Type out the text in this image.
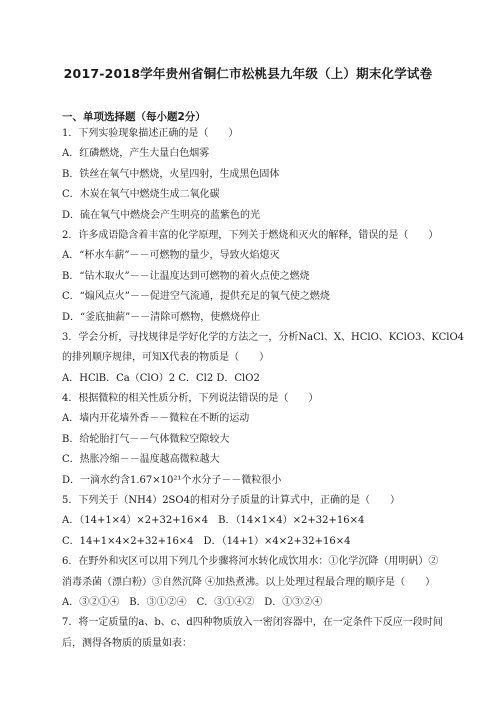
2017-2018学年贵州省铜仁市松桃县九年级（上）期末化学试卷
一、单项选择题（每小题2分）
1．下列实验现象描述正确的是（　　）
A．红磷燃烧，产生大量白色烟雾
B．铁丝在氧气中燃烧，火星四射，生成黑色固体
C．木炭在氧气中燃烧生成二氧化碳
D．硫在氧气中燃烧会产生明亮的蓝紫色的光
2．许多成语隐含着丰富的化学原理，下列关于燃烧和灭火的解释，错误的是（　　）
A．“杯水车薪”－－可燃物的量少，导致火焰熄灭
B．“钻木取火”－－让温度达到可燃物的着火点使之燃烧
C．“煽风点火”－－促进空气流通，提供充足的氧气使之燃烧
D．“釜底抽薪”－－清除可燃物，使燃烧停止
3．学会分析，寻找规律是学好化学的方法之一，分析NaCl、X、HClO、KClO3、KClO4
的排列顺序规律，可知X代表的物质是（　　）
A．HClB．Ca（ClO）2 C．Cl2 D．ClO2
4．根据微粒的相关性质分析，下列说法错误的是（　　）
A．墙内开花墙外香－－微粒在不断的运动
B．给轮胎打气－－气体微粒空隙较大
C．热胀冷缩－－温度越高微粒越大
D．一滴水约含1.67×10²¹个水分子－－微粒很小
5．下列关于（NH4）2SO4的相对分子质量的计算式中，正确的是（　　）
A．（14+1×4）×2+32+16×4　B．（14×1×4）×2+32+16×4
C．14+1×4×2+32+16×4　D．（14+1）×4×2+32+16×4
6．在野外和灾区可以用下列几个步骤将河水转化成饮用水：①化学沉降（用明矾）②
消毒杀菌（漂白粉）③自然沉降 ④加热煮沸。以上处理过程最合理的顺序是（　　）
A．③②①④　B．③①②④　C．③①④②　D．①③②④
7．将一定质量的a、b、c、d四种物质放入一密闭容器中，在一定条件下反应一段时间
后，测得各物质的质量如表：
